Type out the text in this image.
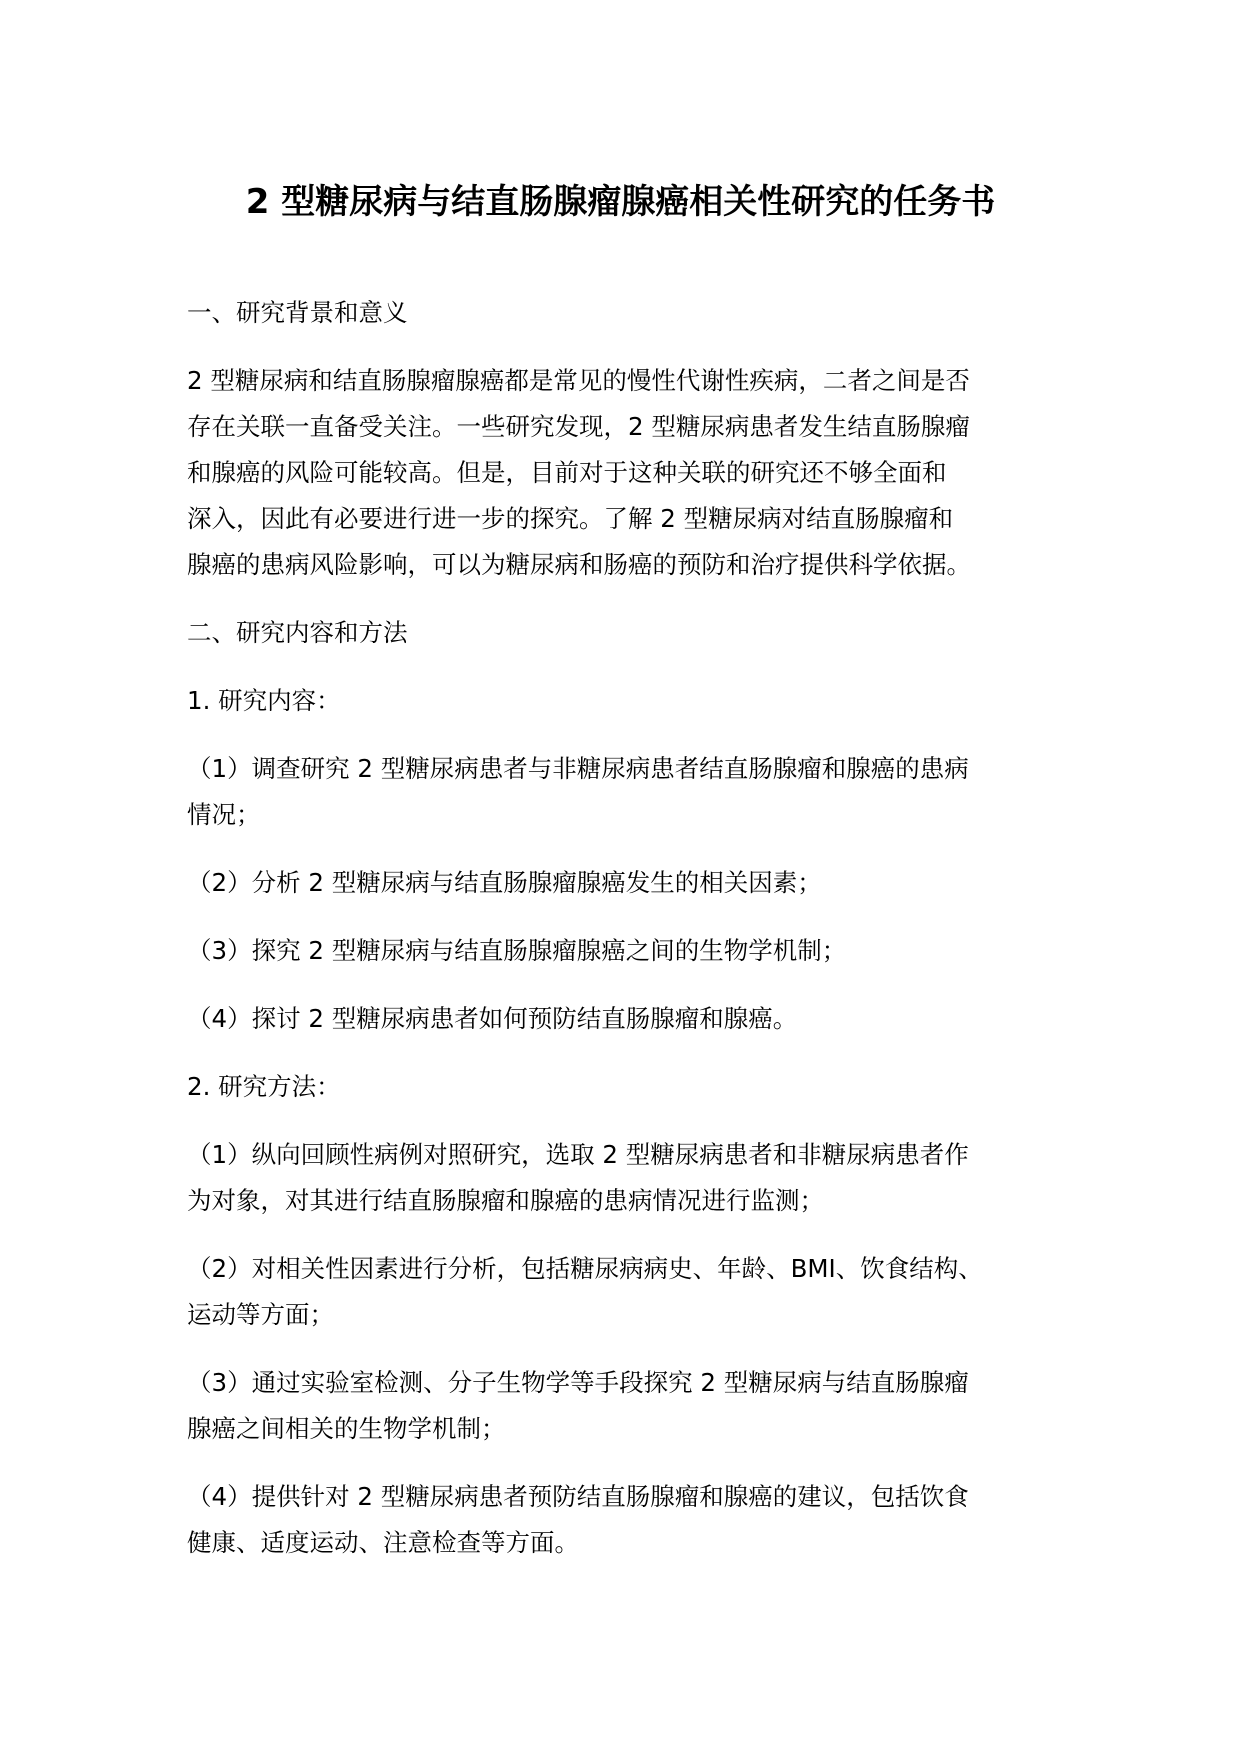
2 型糖尿病与结直肠腺瘤腺癌相关性研究的任务书

一、研究背景和意义

2 型糖尿病和结直肠腺瘤腺癌都是常见的慢性代谢性疾病，二者之间是否
存在关联一直备受关注。一些研究发现，2 型糖尿病患者发生结直肠腺瘤
和腺癌的风险可能较高。但是，目前对于这种关联的研究还不够全面和
深入，因此有必要进行进一步的探究。了解 2 型糖尿病对结直肠腺瘤和
腺癌的患病风险影响，可以为糖尿病和肠癌的预防和治疗提供科学依据。

二、研究内容和方法

1. 研究内容：

（1）调查研究 2 型糖尿病患者与非糖尿病患者结直肠腺瘤和腺癌的患病
情况；

（2）分析 2 型糖尿病与结直肠腺瘤腺癌发生的相关因素；

（3）探究 2 型糖尿病与结直肠腺瘤腺癌之间的生物学机制；

（4）探讨 2 型糖尿病患者如何预防结直肠腺瘤和腺癌。

2. 研究方法：

（1）纵向回顾性病例对照研究，选取 2 型糖尿病患者和非糖尿病患者作
为对象，对其进行结直肠腺瘤和腺癌的患病情况进行监测；

（2）对相关性因素进行分析，包括糖尿病病史、年龄、BMI、饮食结构、
运动等方面；

（3）通过实验室检测、分子生物学等手段探究 2 型糖尿病与结直肠腺瘤
腺癌之间相关的生物学机制；

（4）提供针对 2 型糖尿病患者预防结直肠腺瘤和腺癌的建议，包括饮食
健康、适度运动、注意检查等方面。
